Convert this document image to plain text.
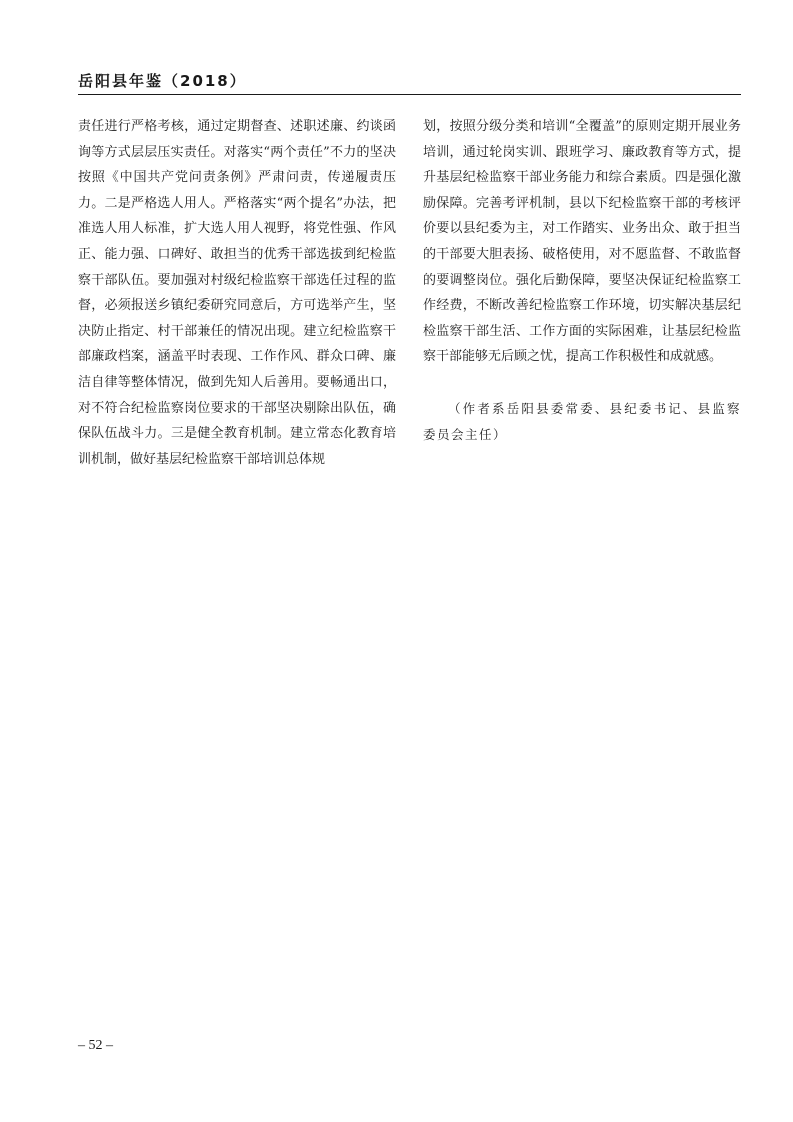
岳阳县年鉴（2018）

责任进行严格考核，通过定期督查、述职述廉、约谈函询等方式层层压实责任。对落实“两个责任”不力的坚决按照《中国共产党问责条例》严肃问责，传递履责压力。二是严格选人用人。严格落实“两个提名”办法，把准选人用人标准，扩大选人用人视野，将党性强、作风正、能力强、口碑好、敢担当的优秀干部选拔到纪检监察干部队伍。要加强对村级纪检监察干部选任过程的监督，必须报送乡镇纪委研究同意后，方可选举产生，坚决防止指定、村干部兼任的情况出现。建立纪检监察干部廉政档案，涵盖平时表现、工作作风、群众口碑、廉洁自律等整体情况，做到先知人后善用。要畅通出口，对不符合纪检监察岗位要求的干部坚决剔除出队伍，确保队伍战斗力。三是健全教育机制。建立常态化教育培训机制，做好基层纪检监察干部培训总体规

划，按照分级分类和培训“全覆盖”的原则定期开展业务培训，通过轮岗实训、跟班学习、廉政教育等方式，提升基层纪检监察干部业务能力和综合素质。四是强化激励保障。完善考评机制，县以下纪检监察干部的考核评价要以县纪委为主，对工作踏实、业务出众、敢于担当的干部要大胆表扬、破格使用，对不愿监督、不敢监督的要调整岗位。强化后勤保障，要坚决保证纪检监察工作经费，不断改善纪检监察工作环境，切实解决基层纪检监察干部生活、工作方面的实际困难，让基层纪检监察干部能够无后顾之忧，提高工作积极性和成就感。

（作者系岳阳县委常委、县纪委书记、县监察委员会主任）

– 52 –
